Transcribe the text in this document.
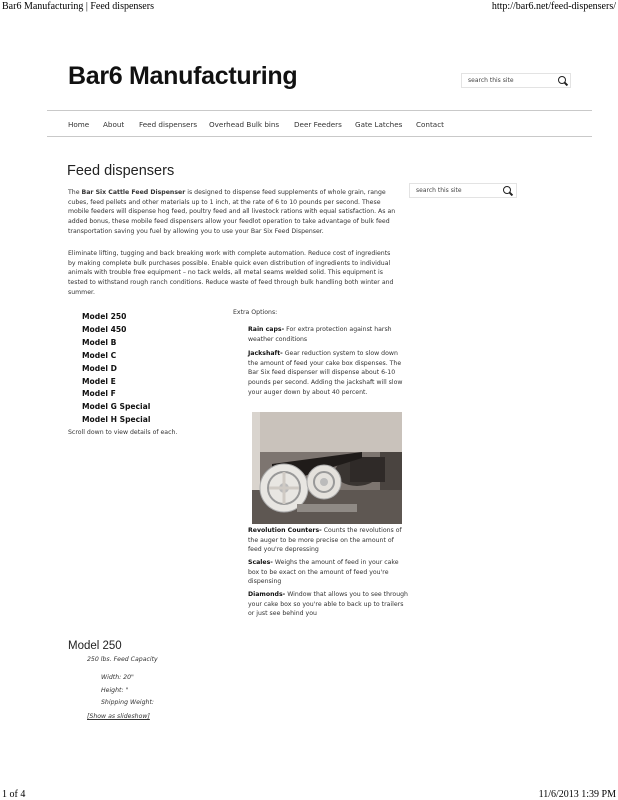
Bar6 Manufacturing | Feed dispensers	http://bar6.net/feed-dispensers/
Bar6 Manufacturing	search this site
Home About Feed dispensers Overhead Bulk bins Deer Feeders Gate Latches Contact
Feed dispensers
search this site
The Bar Six Cattle Feed Dispenser is designed to dispense feed supplements of whole grain, range cubes, feed pellets and other materials up to 1 inch, at the rate of 6 to 10 pounds per second. These mobile feeders will dispense hog feed, poultry feed and all livestock rations with equal satisfaction. As an added bonus, these mobile feed dispensers allow your feedlot operation to take advantage of bulk feed transportation saving you fuel by allowing you to use your Bar Six Feed Dispenser.
Eliminate lifting, tugging and back breaking work with complete automation. Reduce cost of ingredients by making complete bulk purchases possible. Enable quick even distribution of ingredients to individual animals with trouble free equipment – no tack welds, all metal seams welded solid. This equipment is tested to withstand rough ranch conditions. Reduce waste of feed through bulk handling both winter and summer.
Model 250
Model 450
Model B
Model C
Model D
Model E
Model F
Model G Special
Model H Special
Scroll down to view details of each.
Extra Options:
Rain caps- For extra protection against harsh weather conditions
Jackshaft- Gear reduction system to slow down the amount of feed your cake box dispenses. The Bar Six feed dispenser will dispense about 6-10 pounds per second. Adding the jackshaft will slow your auger down by about 40 percent.
Revolution Counters- Counts the revolutions of the auger to be more precise on the amount of feed you're depressing
Scales- Weighs the amount of feed in your cake box to be exact on the amount of feed you're dispensing
Diamonds- Window that allows you to see through your cake box so you're able to back up to trailers or just see behind you
Model 250
250 lbs. Feed Capacity
Width: 20"
Height: "
Shipping Weight:
[Show as slideshow]
1 of 4	11/6/2013 1:39 PM
